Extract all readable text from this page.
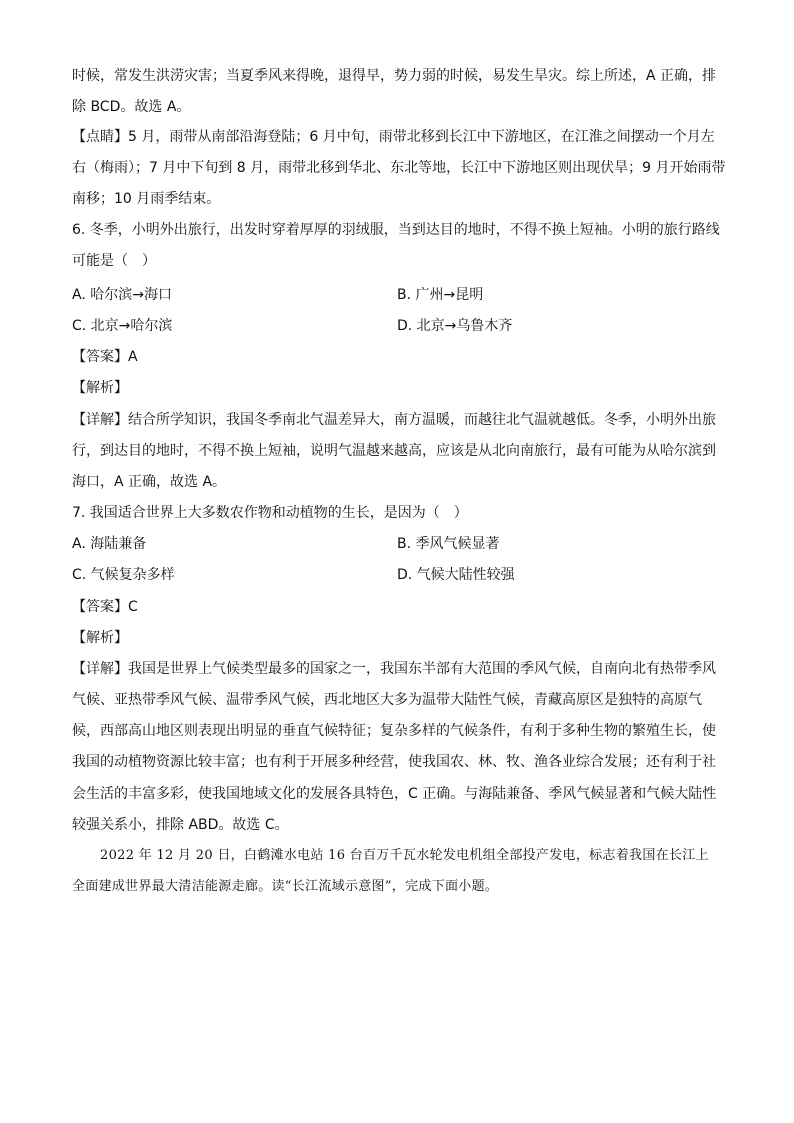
时候，常发生洪涝灾害；当夏季风来得晚，退得早，势力弱的时候，易发生旱灾。综上所述，A 正确，排
除 BCD。故选 A。
【点睛】5 月，雨带从南部沿海登陆；6 月中旬，雨带北移到长江中下游地区，在江淮之间摆动一个月左
右（梅雨）；7 月中下旬到 8 月，雨带北移到华北、东北等地，长江中下游地区则出现伏旱；9 月开始雨带
南移；10 月雨季结束。
6. 冬季，小明外出旅行，出发时穿着厚厚的羽绒服，当到达目的地时，不得不换上短袖。小明的旅行路线
可能是（　）
A. 哈尔滨→海口	B. 广州→昆明
C. 北京→哈尔滨	D. 北京→乌鲁木齐
【答案】A
【解析】
【详解】结合所学知识，我国冬季南北气温差异大，南方温暖，而越往北气温就越低。冬季，小明外出旅
行，到达目的地时，不得不换上短袖，说明气温越来越高，应该是从北向南旅行，最有可能为从哈尔滨到
海口，A 正确，故选 A。
7. 我国适合世界上大多数农作物和动植物的生长，是因为（　）
A. 海陆兼备	B. 季风气候显著
C. 气候复杂多样	D. 气候大陆性较强
【答案】C
【解析】
【详解】我国是世界上气候类型最多的国家之一，我国东半部有大范围的季风气候，自南向北有热带季风
气候、亚热带季风气候、温带季风气候，西北地区大多为温带大陆性气候，青藏高原区是独特的高原气
候，西部高山地区则表现出明显的垂直气候特征；复杂多样的气候条件，有利于多种生物的繁殖生长，使
我国的动植物资源比较丰富；也有利于开展多种经营，使我国农、林、牧、渔各业综合发展；还有利于社
会生活的丰富多彩，使我国地域文化的发展各具特色，C 正确。与海陆兼备、季风气候显著和气候大陆性
较强关系小，排除 ABD。故选 C。
2022 年 12 月 20 日，白鹤滩水电站 16 台百万千瓦水轮发电机组全部投产发电，标志着我国在长江上
全面建成世界最大清洁能源走廊。读“长江流域示意图”，完成下面小题。
